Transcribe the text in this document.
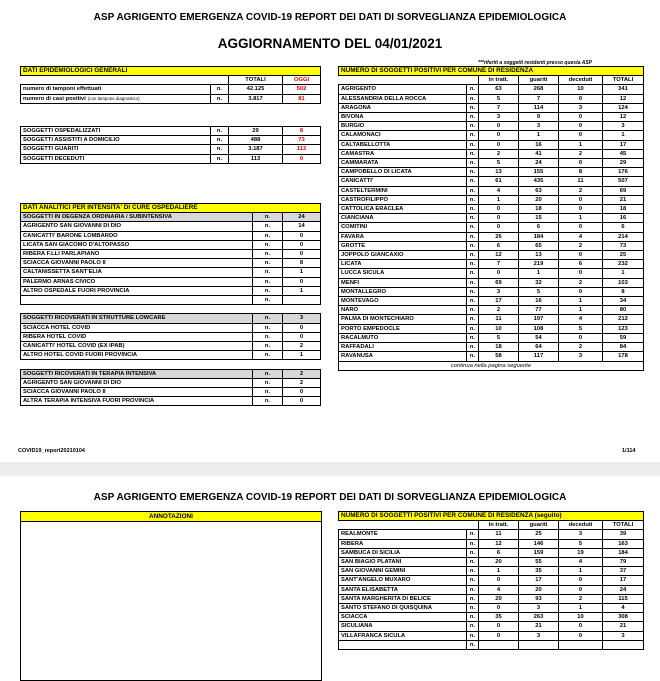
ASP AGRIGENTO EMERGENZA COVID-19 REPORT DEI DATI DI SORVEGLIANZA EPIDEMIOLOGICA
AGGIORNAMENTO DEL 04/01/2021
***riferiti a soggetti residenti presso questa ASP
DATI EPIDEMIOLOGICI GENERALI			
		TOTALI	OGGI
numero di tamponi effettuati	n.	42.125	502
numero di casi positivi (con tampone diagnostico)	n.	3.817	81
SOGGETTI OSPEDALIZZATI	n.	29	8
SOGGETTI ASSISTITI A DOMICILIO	n.	488	73
SOGGETTI GUARITI	n.	3.187	112
SOGGETTI DECEDUTI	n.	113	0
DATI ANALITICI PER INTENSITA' DI CURE OSPEDALIERE		
SOGGETTI IN DEGENZA ORDINARIA / SUBINTENSIVA	n.	24
AGRIGENTO SAN GIOVANNI DI DIO	n.	14
CANICATTI' BARONE LOMBARDO	n.	0
LICATA SAN GIACOMO D'ALTOPASSO	n.	0
RIBERA F.LLI PARLAPIANO	n.	0
SCIACCA GIOVANNI PAOLO II	n.	8
CALTANISSETTA SANT'ELIA	n.	1
PALERMO ARNAS CIVICO	n.	0
ALTRO OSPEDALE FUORI PROVINCIA	n.	1
	n.	

SOGGETTI RICOVERATI IN STRUTTURE LOWCARE	n.	3
SCIACCA HOTEL COVID	n.	0
RIBERA HOTEL COVID	n.	0
CANICATTI' HOTEL COVID (EX IPAB)	n.	2
ALTRO HOTEL COVID FUORI PROVINCIA	n.	1

SOGGETTI RICOVERATI IN TERAPIA INTENSIVA	n.	2
AGRIGENTO SAN GIOVANNI DI DIO	n.	2
SCIACCA GIOVANNI PAOLO II	n.	0
ALTRA TERAPIA INTENSIVA FUORI PROVINCIA	n.	0
NUMERO DI SOGGETTI POSITIVI PER COMUNE DI RESIDENZA					
		in tratt.	guariti	deceduti	TOTALI
AGRIGENTO	n.	63	268	10	341
ALESSANDRIA DELLA ROCCA	n.	5	7	0	12
ARAGONA	n.	7	114	3	124
BIVONA	n.	3	9	0	12
BURGIO	n.	0	3	0	3
CALAMONACI	n.	0	1	0	1
CALTABELLOTTA	n.	0	16	1	17
CAMASTRA	n.	2	41	2	45
CAMMARATA	n.	5	24	0	29
CAMPOBELLO DI LICATA	n.	13	155	8	176
CANICATTI'	n.	61	435	11	507
CASTELTERMINI	n.	4	63	2	69
CASTROFILIPPO	n.	1	20	0	21
CATTOLICA ERACLEA	n.	0	18	0	18
CIANCIANA	n.	0	15	1	16
COMITINI	n.	0	6	0	6
FAVARA	n.	26	184	4	214
GROTTE	n.	6	65	2	73
JOPPOLO GIANCAXIO	n.	12	13	0	25
LICATA	n.	7	219	6	232
LUCCA SICULA	n.	0	1	0	1
MENFI	n.	69	32	2	103
MONTALLEGRO	n.	3	5	0	8
MONTEVAGO	n.	17	16	1	34
NARO	n.	2	77	1	80
PALMA DI MONTECHIARO	n.	11	197	4	212
PORTO EMPEDOCLE	n.	10	108	5	123
RACALMUTO	n.	5	54	0	59
RAFFADALI	n.	18	64	2	84
RAVANUSA	n.	58	117	3	178
continua nella pagina seguente					
COVID19_report20210104	1/114
ASP AGRIGENTO EMERGENZA COVID-19 REPORT DEI DATI DI SORVEGLIANZA EPIDEMIOLOGICA
ANNOTAZIONI	NUMERO DI SOGGETTI POSITIVI PER COMUNE DI RESIDENZA (seguito)					
		in tratt.	guariti	deceduti	TOTALI
REALMONTE	n.	11	25	3	39
RIBERA	n.	12	146	5	163
SAMBUCA DI SICILIA	n.	6	159	19	184
SAN BIAGIO PLATANI	n.	20	55	4	79
SAN GIOVANNI GEMINI	n.	1	35	1	37
SANT'ANGELO MUXARO	n.	0	17	0	17
SANTA ELISABETTA	n.	4	20	0	24
SANTA MARGHERITA DI BELICE	n.	20	93	2	115
SANTO STEFANO DI QUISQUINA	n.	0	3	1	4
SCIACCA	n.	35	263	10	308
SICULIANA	n.	0	21	0	21
VILLAFRANCA SICULA	n.	0	3	0	3
	n.				
